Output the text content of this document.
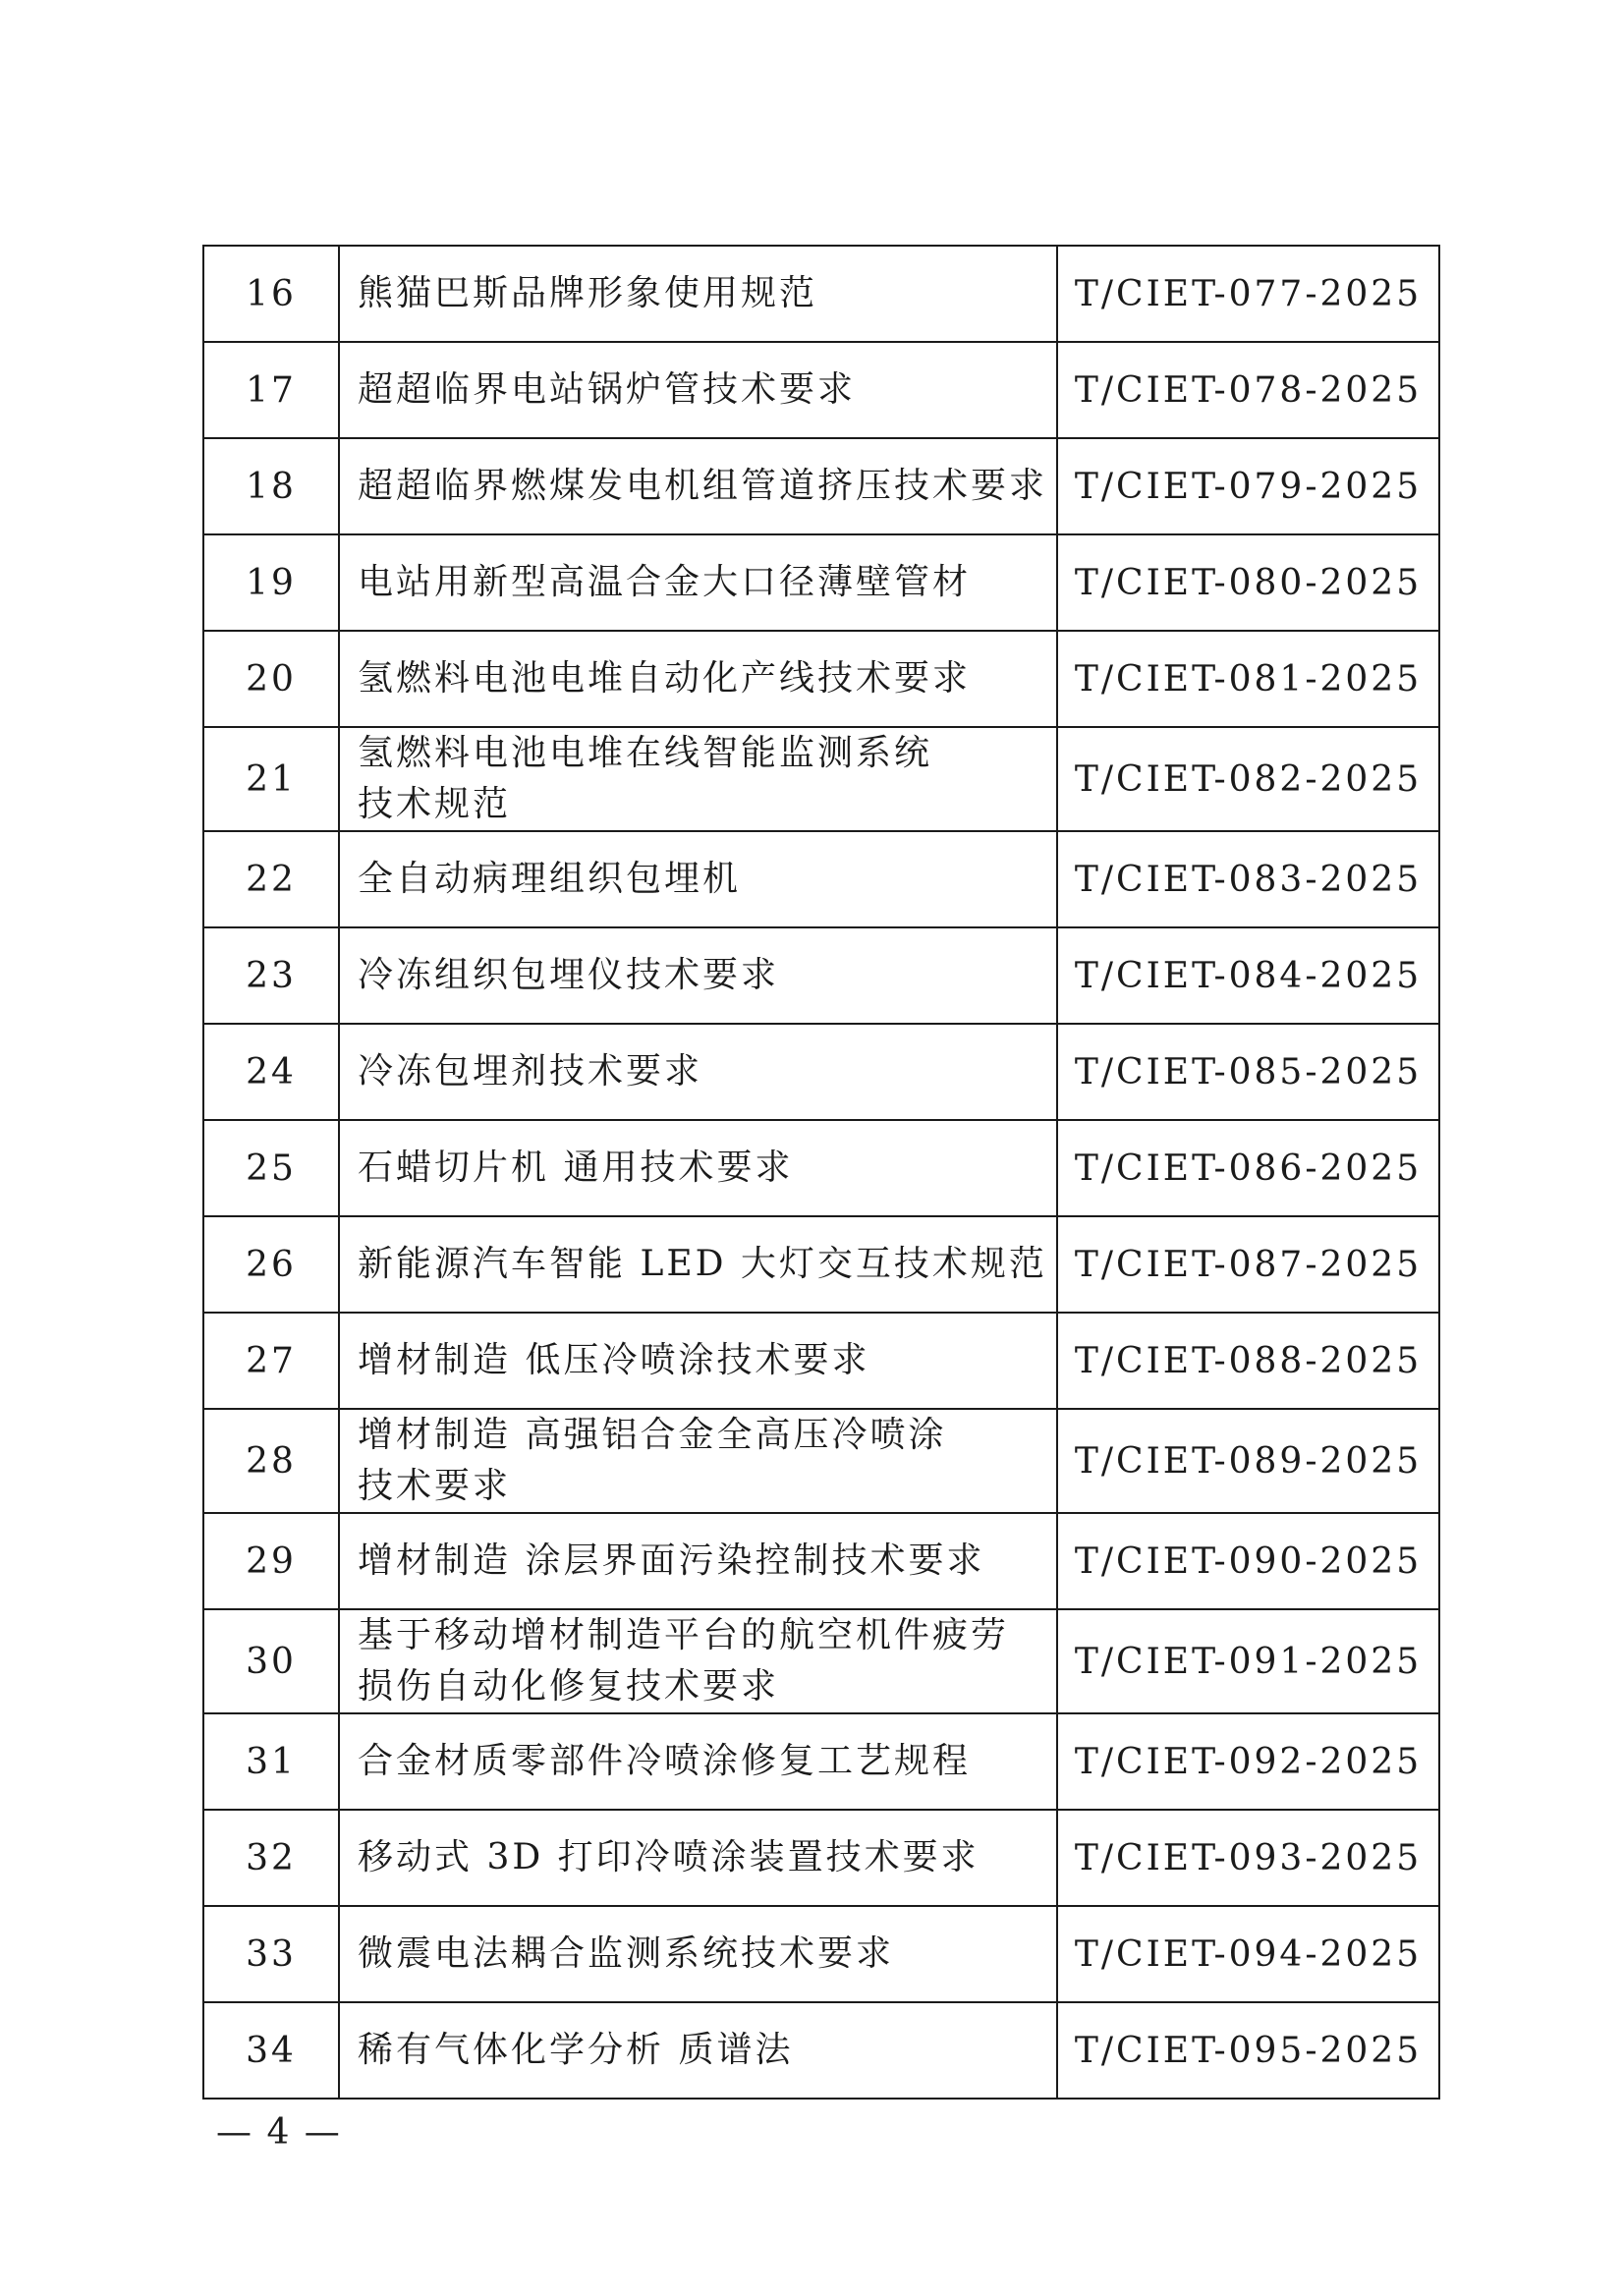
16	熊猫巴斯品牌形象使用规范	T/CIET-077-2025
17	超超临界电站锅炉管技术要求	T/CIET-078-2025
18	超超临界燃煤发电机组管道挤压技术要求	T/CIET-079-2025
19	电站用新型高温合金大口径薄壁管材	T/CIET-080-2025
20	氢燃料电池电堆自动化产线技术要求	T/CIET-081-2025
21	氢燃料电池电堆在线智能监测系统
技术规范	T/CIET-082-2025
22	全自动病理组织包埋机	T/CIET-083-2025
23	冷冻组织包埋仪技术要求	T/CIET-084-2025
24	冷冻包埋剂技术要求	T/CIET-085-2025
25	石蜡切片机 通用技术要求	T/CIET-086-2025
26	新能源汽车智能 LED 大灯交互技术规范	T/CIET-087-2025
27	增材制造 低压冷喷涂技术要求	T/CIET-088-2025
28	增材制造 高强铝合金全高压冷喷涂
技术要求	T/CIET-089-2025
29	增材制造 涂层界面污染控制技术要求	T/CIET-090-2025
30	基于移动增材制造平台的航空机件疲劳
损伤自动化修复技术要求	T/CIET-091-2025
31	合金材质零部件冷喷涂修复工艺规程	T/CIET-092-2025
32	移动式 3D 打印冷喷涂装置技术要求	T/CIET-093-2025
33	微震电法耦合监测系统技术要求	T/CIET-094-2025
34	稀有气体化学分析 质谱法	T/CIET-095-2025
— 4 —
